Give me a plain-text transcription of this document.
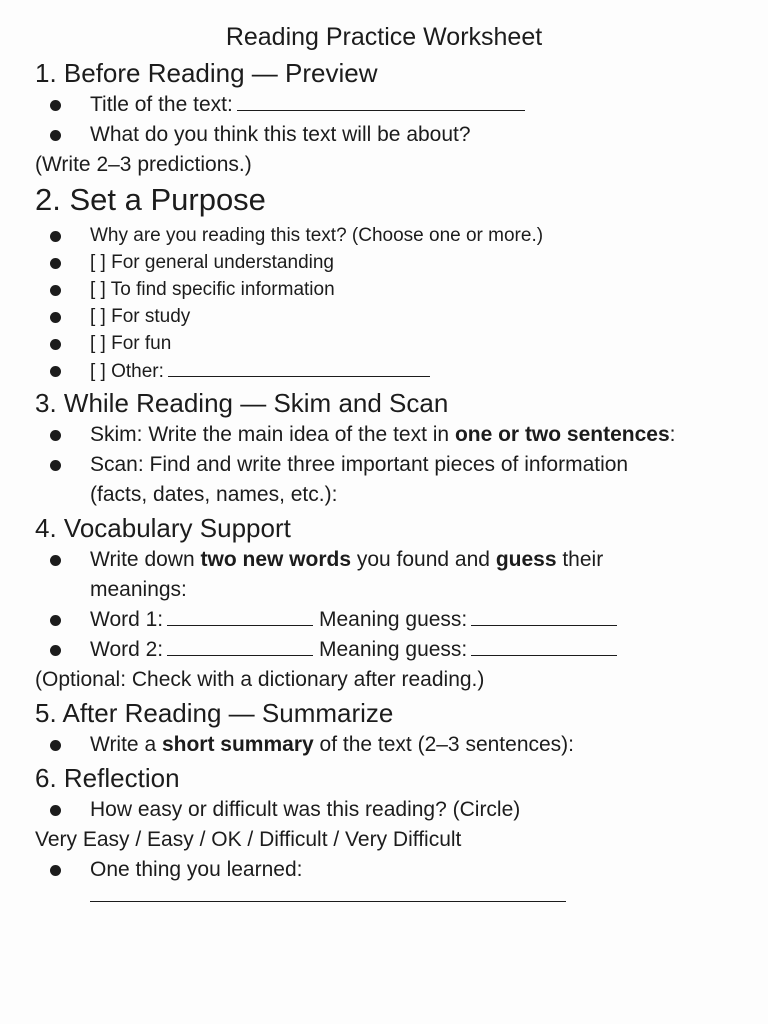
Reading Practice Worksheet
1. Before Reading — Preview
Title of the text:
What do you think this text will be about?
(Write 2–3 predictions.)
2. Set a Purpose
Why are you reading this text? (Choose one or more.)
[ ] For general understanding
[ ] To find specific information
[ ] For study
[ ] For fun
[ ] Other:
3. While Reading — Skim and Scan
Skim: Write the main idea of the text in one or two sentences:
Scan: Find and write three important pieces of information
(facts, dates, names, etc.):
4. Vocabulary Support
Write down two new words you found and guess their
meanings:
Word 1:	Meaning guess:
Word 2:	Meaning guess:
(Optional: Check with a dictionary after reading.)
5. After Reading — Summarize
Write a short summary of the text (2–3 sentences):
6. Reflection
How easy or difficult was this reading? (Circle)
Very Easy / Easy / OK / Difficult / Very Difficult
One thing you learned:
